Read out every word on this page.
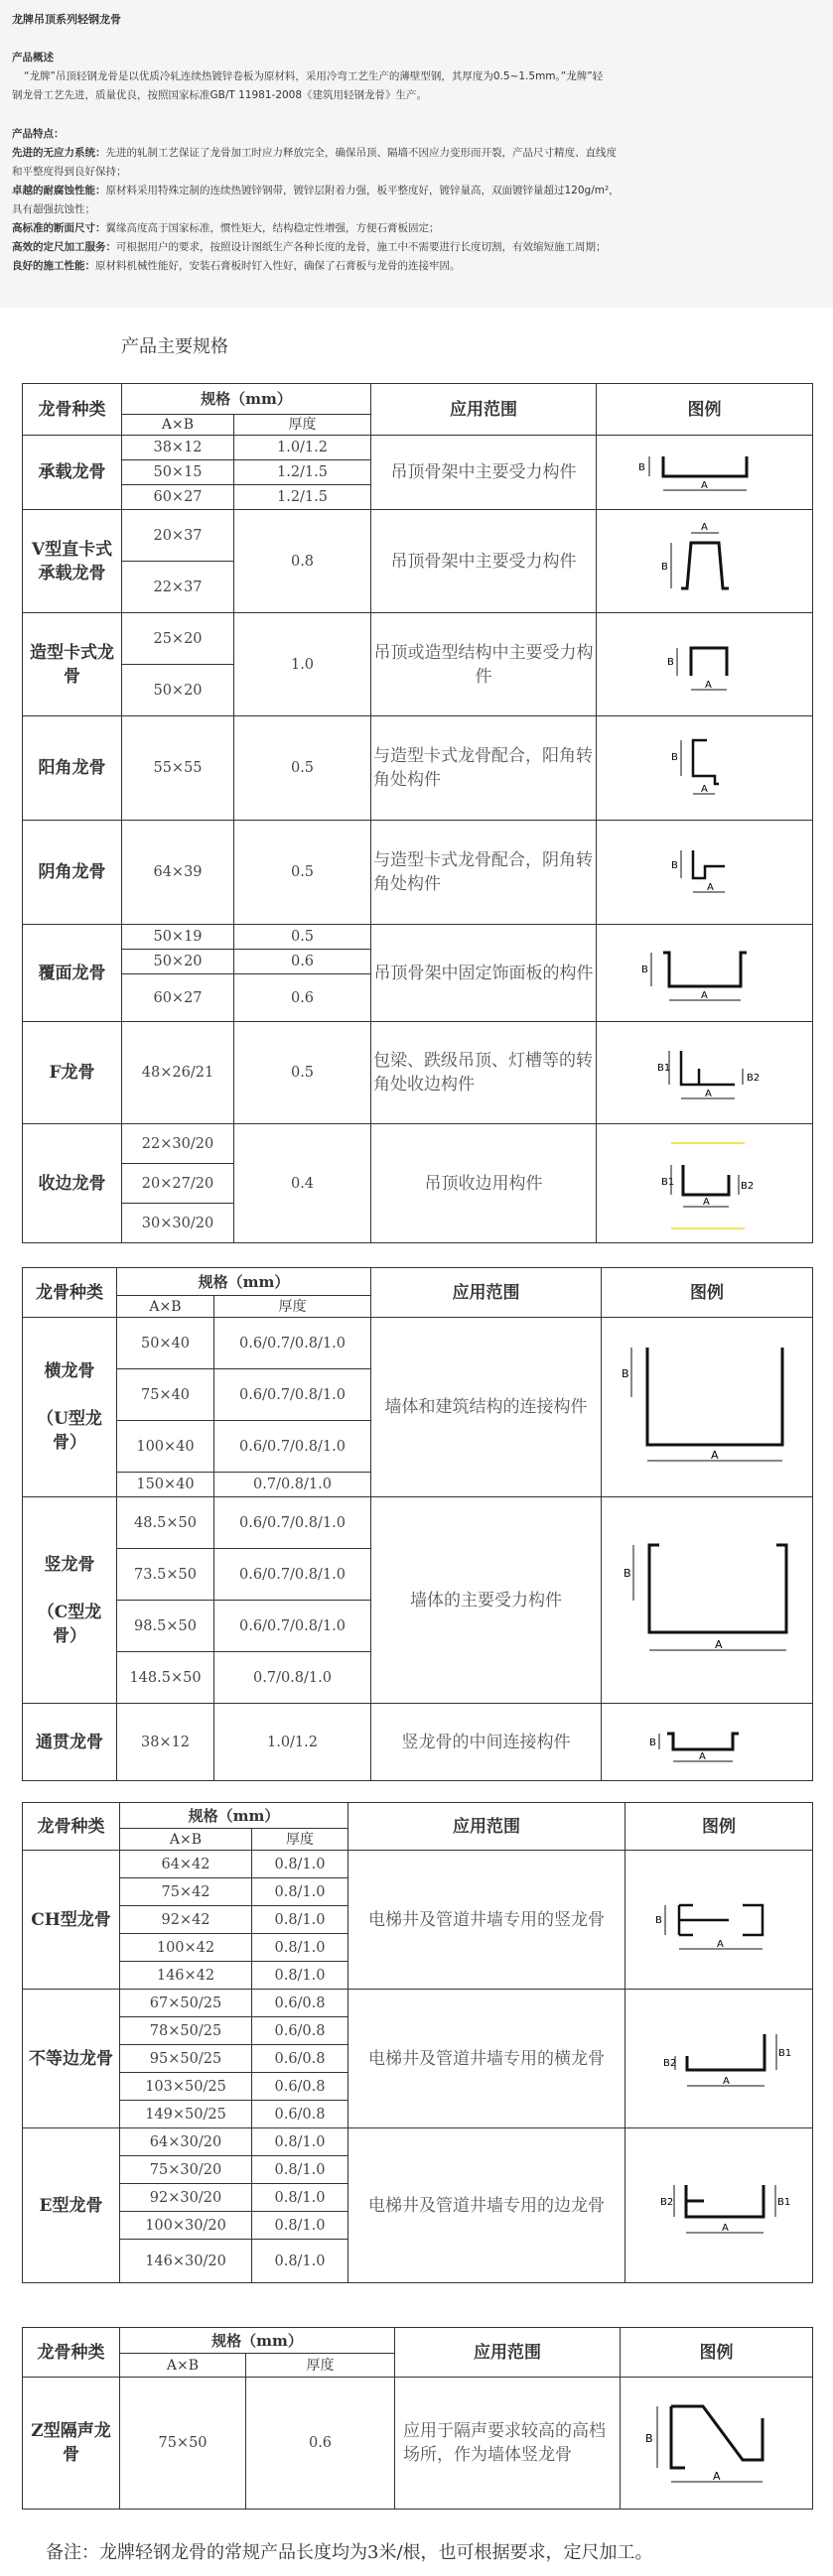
龙牌吊顶系列轻钢龙骨
产品概述
“龙牌”吊顶轻钢龙骨是以优质冷轧连续热镀锌卷板为原材料，采用冷弯工艺生产的薄壁型钢，其厚度为0.5~1.5mm。”龙牌”轻
钢龙骨工艺先进，质量优良，按照国家标准GB/T 11981-2008《建筑用轻钢龙骨》生产。
产品特点：
先进的无应力系统：先进的轧制工艺保证了龙骨加工时应力释放完全，确保吊顶、隔墙不因应力变形而开裂，产品尺寸精度、直线度
和平整度得到良好保持；
卓越的耐腐蚀性能：原材料采用特殊定制的连续热镀锌钢带，镀锌层附着力强，板平整度好，镀锌量高，双面镀锌量超过120g/m²，
具有超强抗蚀性；
高标准的断面尺寸：翼缘高度高于国家标准，惯性矩大，结构稳定性增强，方便石膏板固定；
高效的定尺加工服务：可根据用户的要求，按照设计图纸生产各种长度的龙骨，施工中不需要进行长度切割，有效缩短施工周期；
良好的施工性能：原材料机械性能好，安装石膏板时钉入性好，确保了石膏板与龙骨的连接牢固。
产品主要规格
龙骨种类	规格（mm）		应用范围	图例
	A×B	厚度		
承载龙骨	38×12	1.0/1.2	吊顶骨架中主要受力构件	B
A

	50×15	1.2/1.5		
	60×27	1.2/1.5		
V型直卡式承载龙骨	20×37	0.8	吊顶骨架中主要受力构件	A
B

	22×37			
造型卡式龙骨	25×20	1.0	吊顶或造型结构中主要受力构件	B
A

	50×20			
阳角龙骨	55×55	0.5	与造型卡式龙骨配合，阳角转角处构件	B
A

阴角龙骨	64×39	0.5	与造型卡式龙骨配合，阴角转角处构件	B
A

覆面龙骨	50×19	0.5	吊顶骨架中固定饰面板的构件	B
A

	50×20	0.6		
	60×27	0.6		
F龙骨	48×26/21	0.5	包梁、跌级吊顶、灯槽等的转角处收边构件	B1
B2
A

收边龙骨	22×30/20	0.4	吊顶收边用构件	B1 B2
A

	20×27/20			
	30×30/20			
龙骨种类	规格（mm）		应用范围	图例
	A×B	厚度		
横龙骨

（U型龙骨）	50×40	0.6/0.7/0.8/1.0	墙体和建筑结构的连接构件	B
A

	75×40	0.6/0.7/0.8/1.0		
	100×40	0.6/0.7/0.8/1.0		
	150×40	0.7/0.8/1.0		
竖龙骨

（C型龙骨）	48.5×50	0.6/0.7/0.8/1.0	墙体的主要受力构件	B
A

	73.5×50	0.6/0.7/0.8/1.0		
	98.5×50	0.6/0.7/0.8/1.0		
	148.5×50	0.7/0.8/1.0		
通贯龙骨	38×12	1.0/1.2	竖龙骨的中间连接构件	B
A
龙骨种类	规格（mm）		应用范围	图例
	A×B	厚度		
CH型龙骨	64×42	0.8/1.0	电梯井及管道井墙专用的竖龙骨	B
A

	75×42	0.8/1.0		
	92×42	0.8/1.0		
	100×42	0.8/1.0		
	146×42	0.8/1.0		
不等边龙骨	67×50/25	0.6/0.8	电梯井及管道井墙专用的横龙骨	B2
B1
A

	78×50/25	0.6/0.8		
	95×50/25	0.6/0.8		
	103×50/25	0.6/0.8		
	149×50/25	0.6/0.8		
E型龙骨	64×30/20	0.8/1.0	电梯井及管道井墙专用的边龙骨	B2 B1
A

	75×30/20	0.8/1.0		
	92×30/20	0.8/1.0		
	100×30/20	0.8/1.0		
	146×30/20	0.8/1.0		
龙骨种类	规格（mm）		应用范围	图例
	A×B	厚度		
Z型隔声龙骨	75×50	0.6	应用于隔声要求较高的高档场所，作为墙体竖龙骨	B
A
备注：龙牌轻钢龙骨的常规产品长度均为3米/根，也可根据要求，定尺加工。
